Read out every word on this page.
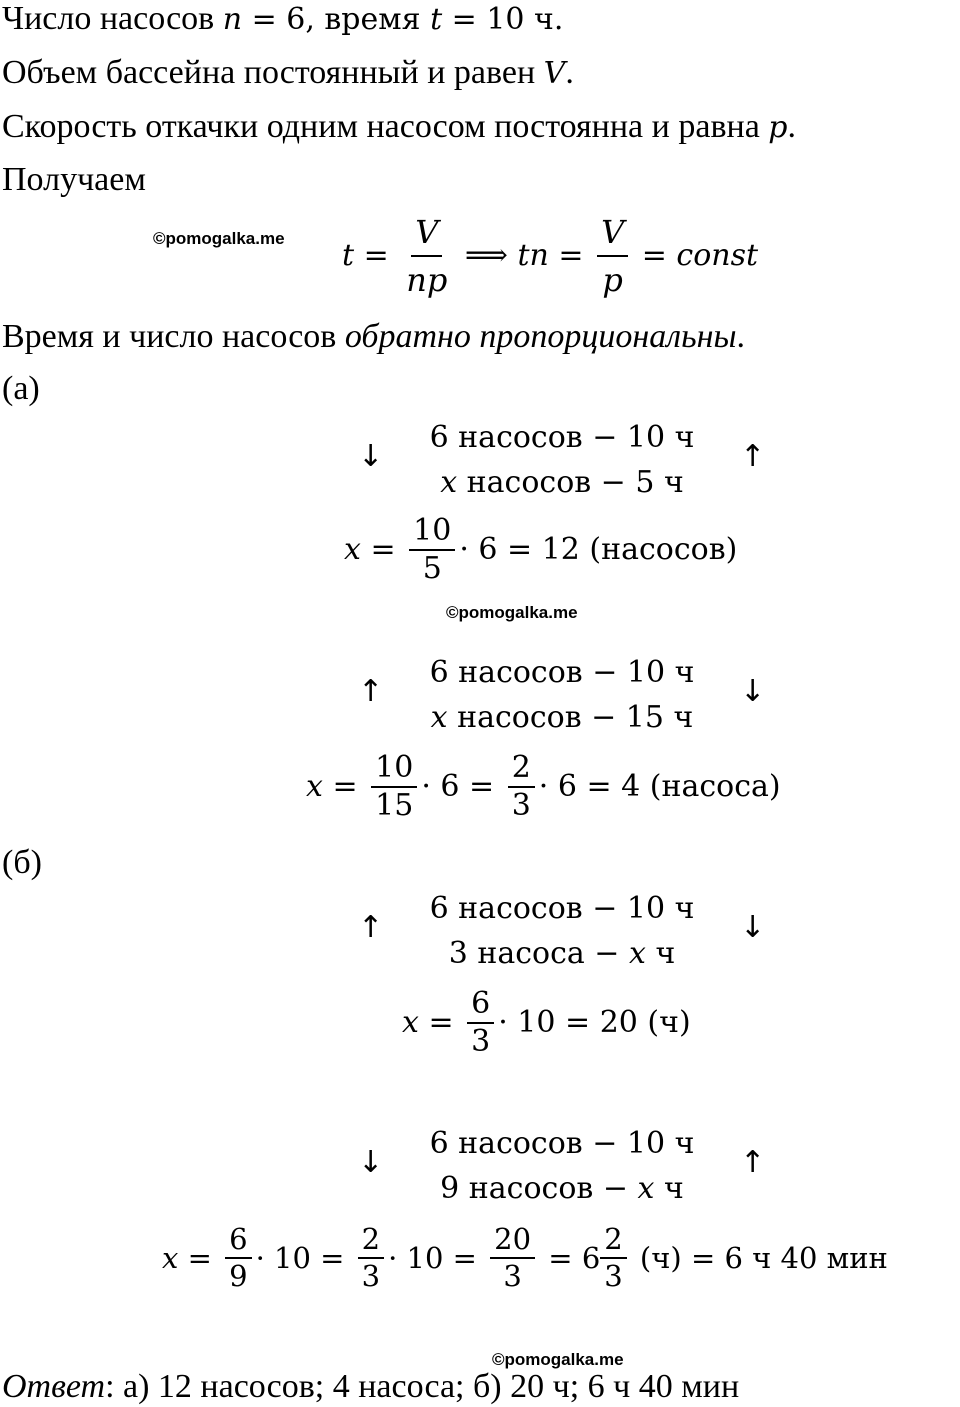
Число насосов n = 6, время t = 10 ч.
Объем бассейна постоянный и равен V.
Скорость откачки одним насосом постоянна и равна p.
Получаем
©pomogalka.me $t = \frac{V}{np}$ ⟹ tn = $\frac{V}{p}$ = const
Время и число насосов обратно пропорциональны.
(а)
↓	↑
6 насосов − 10 ч
x насосов − 5 ч
$x = \frac{10}{5} \cdot 6 = 12$ (насосов)
©pomogalka.me
↑	↓
6 насосов − 10 ч
x насосов − 15 ч
$x = \frac{10}{15} \cdot 6 = \frac{2}{3} \cdot 6 = 4$ (насоса)
(б)
↑	↓
6 насосов − 10 ч
3 насоса − x ч
$x = \frac{6}{3} \cdot 10 = 20$ (ч)
↓	↑
6 насосов − 10 ч
9 насосов − x ч
$x = \frac{6}{9} \cdot 10 = \frac{2}{3} \cdot 10 = \frac{20}{3} = 6 \frac{2}{3} (ч) = 6$ ч 40 мин
©pomogalka.me
Ответ: а) 12 насосов; 4 насоса; б) 20 ч; 6 ч 40 мин
